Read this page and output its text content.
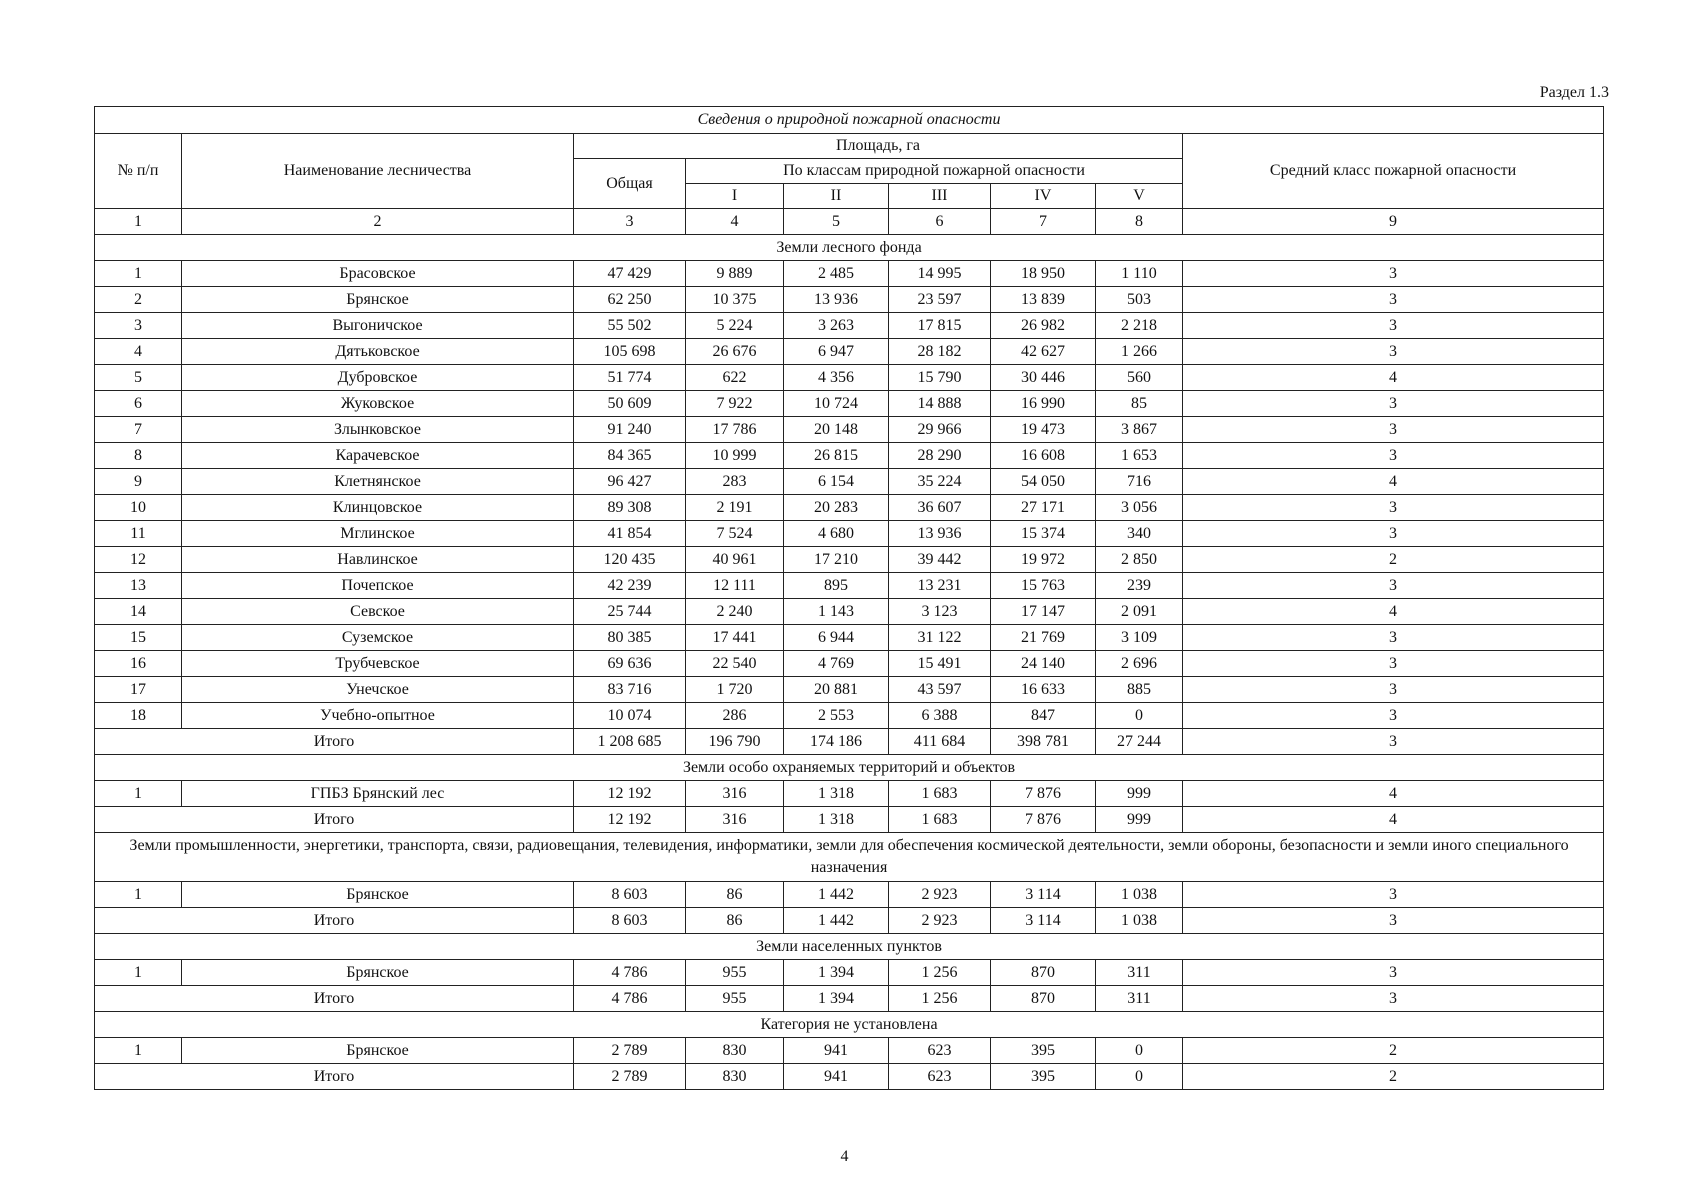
Раздел 1.3
Сведения о природной пожарной опасности								
№ п/п	Наименование лесничества	Площадь, га						Средний класс пожарной опасности
		Общая	По классам природной пожарной опасности					
			I	II	III	IV	V	
1	2	3	4	5	6	7	8	9
Земли лесного фонда								
1	Брасовское	47 429	9 889	2 485	14 995	18 950	1 110	3
2	Брянское	62 250	10 375	13 936	23 597	13 839	503	3
3	Выгоничское	55 502	5 224	3 263	17 815	26 982	2 218	3
4	Дятьковское	105 698	26 676	6 947	28 182	42 627	1 266	3
5	Дубровское	51 774	622	4 356	15 790	30 446	560	4
6	Жуковское	50 609	7 922	10 724	14 888	16 990	85	3
7	Злынковское	91 240	17 786	20 148	29 966	19 473	3 867	3
8	Карачевское	84 365	10 999	26 815	28 290	16 608	1 653	3
9	Клетнянское	96 427	283	6 154	35 224	54 050	716	4
10	Клинцовское	89 308	2 191	20 283	36 607	27 171	3 056	3
11	Мглинское	41 854	7 524	4 680	13 936	15 374	340	3
12	Навлинское	120 435	40 961	17 210	39 442	19 972	2 850	2
13	Почепское	42 239	12 111	895	13 231	15 763	239	3
14	Севское	25 744	2 240	1 143	3 123	17 147	2 091	4
15	Суземское	80 385	17 441	6 944	31 122	21 769	3 109	3
16	Трубчевское	69 636	22 540	4 769	15 491	24 140	2 696	3
17	Унечское	83 716	1 720	20 881	43 597	16 633	885	3
18	Учебно-опытное	10 074	286	2 553	6 388	847	0	3
Итого		1 208 685	196 790	174 186	411 684	398 781	27 244	3
Земли особо охраняемых территорий и объектов								
1	ГПБЗ Брянский лес	12 192	316	1 318	1 683	7 876	999	4
Итого		12 192	316	1 318	1 683	7 876	999	4
Земли промышленности, энергетики, транспорта, связи, радиовещания, телевидения, информатики, земли для обеспечения космической деятельности, земли обороны, безопасности и земли иного специального назначения								
1	Брянское	8 603	86	1 442	2 923	3 114	1 038	3
Итого		8 603	86	1 442	2 923	3 114	1 038	3
Земли населенных пунктов								
1	Брянское	4 786	955	1 394	1 256	870	311	3
Итого		4 786	955	1 394	1 256	870	311	3
Категория не установлена								
1	Брянское	2 789	830	941	623	395	0	2
Итого		2 789	830	941	623	395	0	2
4
